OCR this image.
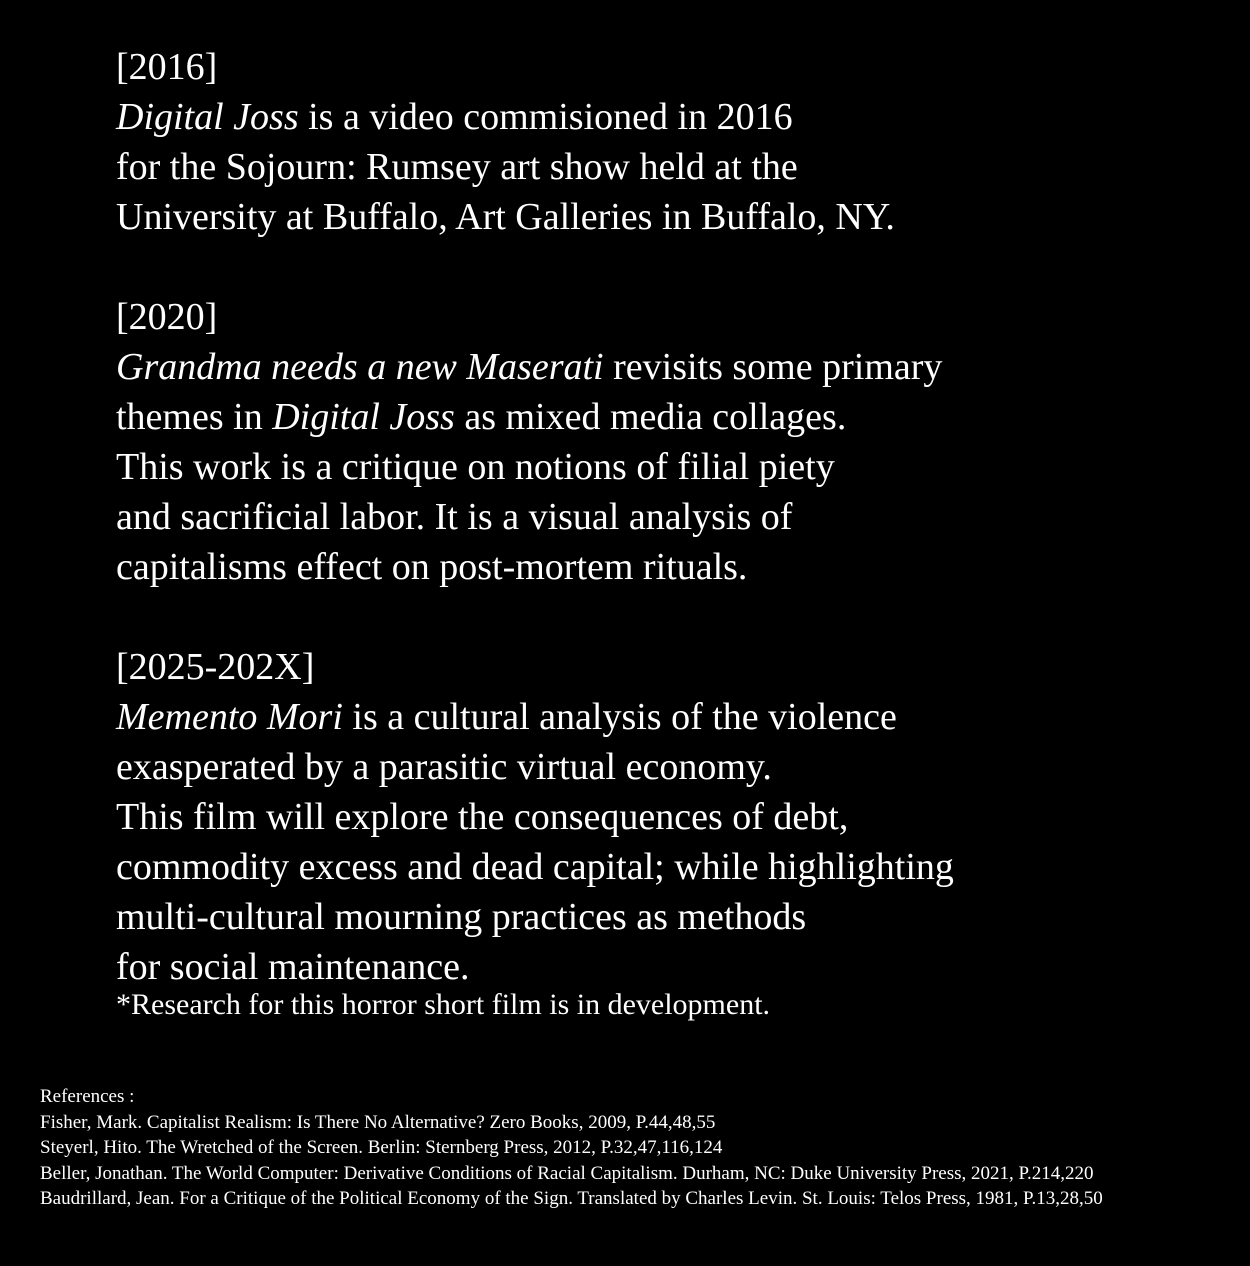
[2016]
Digital Joss is a video commisioned in 2016
for the Sojourn: Rumsey art show held at the
University at Buffalo, Art Galleries in Buffalo, NY.
[2020]
Grandma needs a new Maserati revisits some primary
themes in Digital Joss as mixed media collages.
This work is a critique on notions of filial piety
and sacrificial labor. It is a visual analysis of
capitalisms effect on post-mortem rituals.
[2025-202X]
Memento Mori is a cultural analysis of the violence
exasperated by a parasitic virtual economy.
This film will explore the consequences of debt,
commodity excess and dead capital; while highlighting
multi-cultural mourning practices as methods
for social maintenance.
*Research for this horror short film is in development.
References :
Fisher, Mark. Capitalist Realism: Is There No Alternative? Zero Books, 2009, P.44,48,55
Steyerl, Hito. The Wretched of the Screen. Berlin: Sternberg Press, 2012, P.32,47,116,124
Beller, Jonathan. The World Computer: Derivative Conditions of Racial Capitalism. Durham, NC: Duke University Press, 2021, P.214,220
Baudrillard, Jean. For a Critique of the Political Economy of the Sign. Translated by Charles Levin. St. Louis: Telos Press, 1981, P.13,28,50
